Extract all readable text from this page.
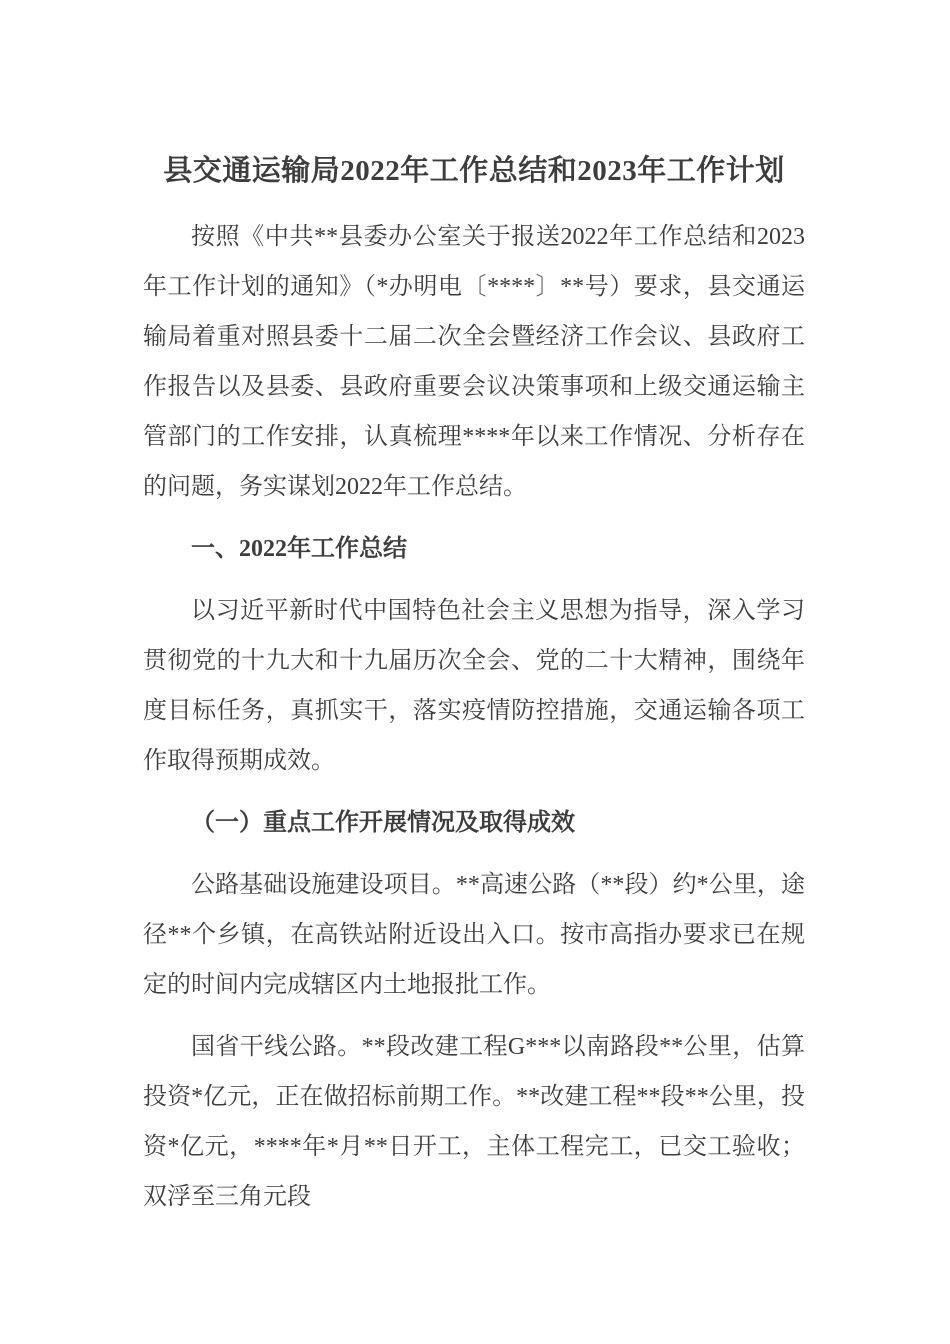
县交通运输局2022年工作总结和2023年工作计划

按照《中共**县委办公室关于报送2022年工作总结和2023年工作计划的通知》（*办明电〔****〕**号）要求，县交通运输局着重对照县委十二届二次全会暨经济工作会议、县政府工作报告以及县委、县政府重要会议决策事项和上级交通运输主管部门的工作安排，认真梳理****年以来工作情况、分析存在的问题，务实谋划2022年工作总结。

一、2022年工作总结

以习近平新时代中国特色社会主义思想为指导，深入学习贯彻党的十九大和十九届历次全会、党的二十大精神，围绕年度目标任务，真抓实干，落实疫情防控措施，交通运输各项工作取得预期成效。

（一）重点工作开展情况及取得成效

公路基础设施建设项目。**高速公路（**段）约*公里，途径**个乡镇，在高铁站附近设出入口。按市高指办要求已在规定的时间内完成辖区内土地报批工作。

国省干线公路。**段改建工程G***以南路段**公里，估算投资*亿元，正在做招标前期工作。**改建工程**段**公里，投资*亿元，****年*月**日开工，主体工程完工，已交工验收；双浮至三角元段
